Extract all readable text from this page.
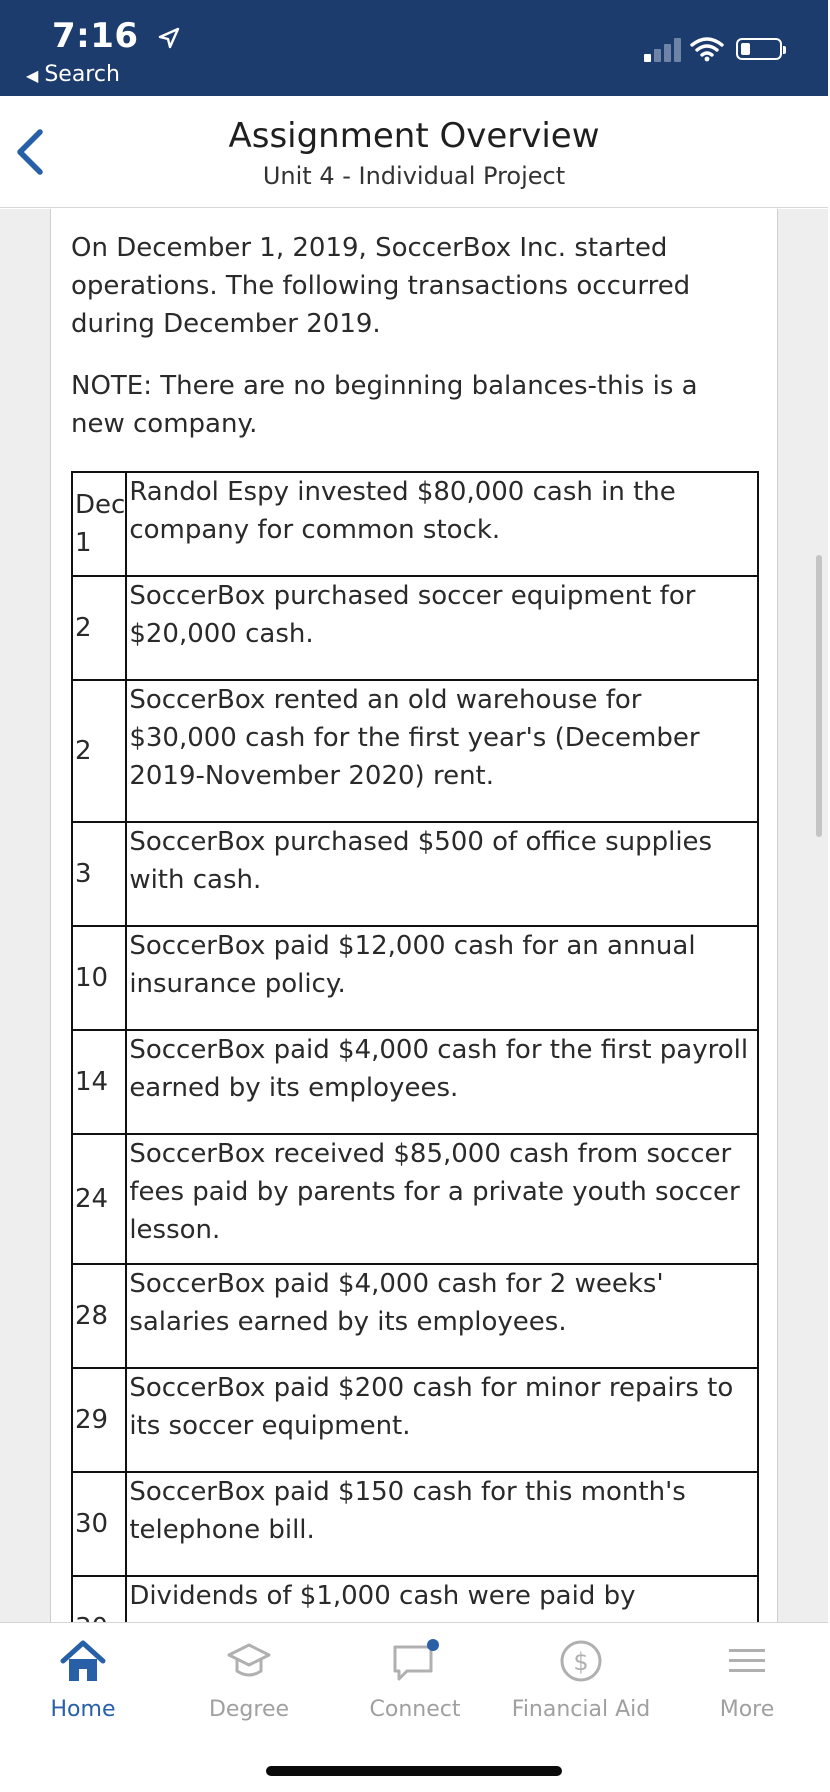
7:16
◀ Search
Assignment Overview
Unit 4 - Individual Project

On December 1, 2019, SoccerBox Inc. started operations. The following transactions occurred during December 2019.

NOTE: There are no beginning balances-this is a new company.

Dec 1	Randol Espy invested $80,000 cash in the company for common stock.
2	SoccerBox purchased soccer equipment for $20,000 cash.
2	SoccerBox rented an old warehouse for $30,000 cash for the first year's (December 2019-November 2020) rent.
3	SoccerBox purchased $500 of office supplies with cash.
10	SoccerBox paid $12,000 cash for an annual insurance policy.
14	SoccerBox paid $4,000 cash for the first payroll earned by its employees.
24	SoccerBox received $85,000 cash from soccer fees paid by parents for a private youth soccer lesson.
28	SoccerBox paid $4,000 cash for 2 weeks' salaries earned by its employees.
29	SoccerBox paid $200 cash for minor repairs to its soccer equipment.
30	SoccerBox paid $150 cash for this month's telephone bill.
	Dividends of $1,000 cash were paid by
Home	Degree	Connect
$
Financial Aid	More
